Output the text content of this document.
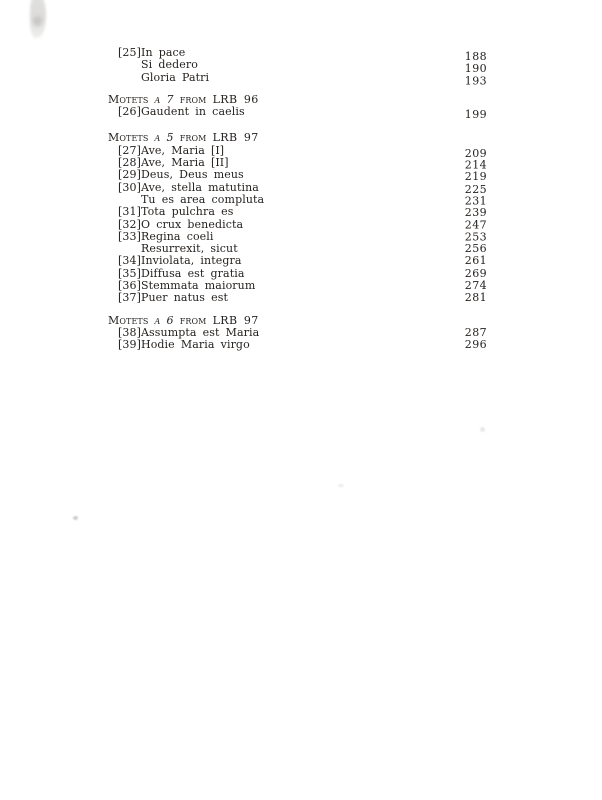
[25] In pace	188
Si dedero	190
Gloria Patri	193
Motets a 7 from LRB 96
[26] Gaudent in caelis	199
Motets a 5 from LRB 97
[27] Ave, Maria [I]	209
[28] Ave, Maria [II]	214
[29] Deus, Deus meus	219
[30] Ave, stella matutina	225
Tu es area compluta	231
[31] Tota pulchra es	239
[32] O crux benedicta	247
[33] Regina coeli	253
Resurrexit, sicut	256
[34] Inviolata, integra	261
[35] Diffusa est gratia	269
[36] Stemmata maiorum	274
[37] Puer natus est	281
Motets a 6 from LRB 97
[38] Assumpta est Maria	287
[39] Hodie Maria virgo	296
